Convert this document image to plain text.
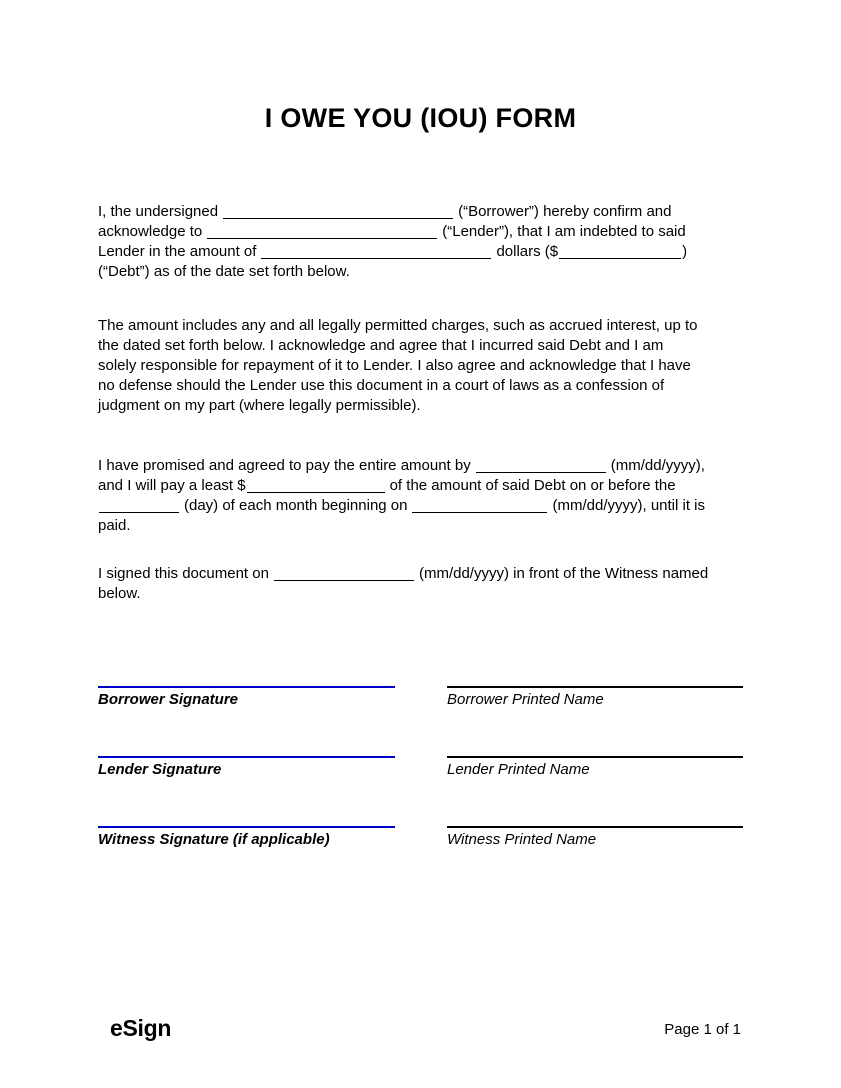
I OWE YOU (IOU) FORM
I, the undersigned	(“Borrower”) hereby confirm and
acknowledge to	(“Lender”), that I am indebted to said
Lender in the amount of	dollars ($	)
(“Debt”) as of the date set forth below.
The amount includes any and all legally permitted charges, such as accrued interest, up to
the dated set forth below. I acknowledge and agree that I incurred said Debt and I am
solely responsible for repayment of it to Lender. I also agree and acknowledge that I have
no defense should the Lender use this document in a court of laws as a confession of
judgment on my part (where legally permissible).
I have promised and agreed to pay the entire amount by	(mm/dd/yyyy),
and I will pay a least $	of the amount of said Debt on or before the
(day) of each month beginning on	(mm/dd/yyyy), until it is
paid.
I signed this document on	(mm/dd/yyyy) in front of the Witness named
below.
Borrower Signature	Borrower Printed Name
Lender Signature	Lender Printed Name
Witness Signature (if applicable)	Witness Printed Name
eSign	Page 1 of 1
